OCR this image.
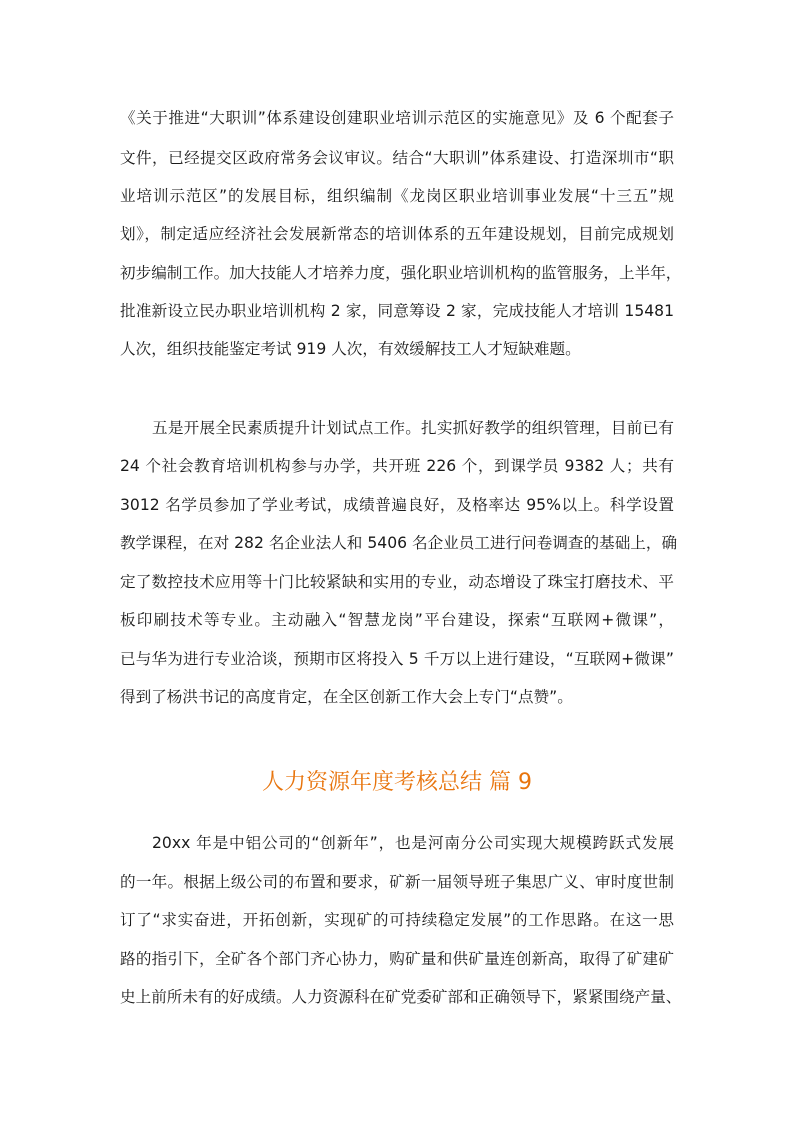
《关于推进“大职训”体系建设创建职业培训示范区的实施意见》及 6 个配套子
文件，已经提交区政府常务会议审议。结合“大职训”体系建设、打造深圳市“职
业培训示范区”的发展目标，组织编制《龙岗区职业培训事业发展“十三五”规
划》，制定适应经济社会发展新常态的培训体系的五年建设规划，目前完成规划
初步编制工作。加大技能人才培养力度，强化职业培训机构的监管服务，上半年，
批准新设立民办职业培训机构 2 家，同意筹设 2 家，完成技能人才培训 15481
人次，组织技能鉴定考试 919 人次，有效缓解技工人才短缺难题。
五是开展全民素质提升计划试点工作。扎实抓好教学的组织管理，目前已有
24 个社会教育培训机构参与办学，共开班 226 个，到课学员 9382 人；共有
3012 名学员参加了学业考试，成绩普遍良好，及格率达 95%以上。科学设置
教学课程，在对 282 名企业法人和 5406 名企业员工进行问卷调查的基础上，确
定了数控技术应用等十门比较紧缺和实用的专业，动态增设了珠宝打磨技术、平
板印刷技术等专业。主动融入“智慧龙岗”平台建设，探索“互联网+微课”，
已与华为进行专业洽谈，预期市区将投入 5 千万以上进行建设，“互联网+微课”
得到了杨洪书记的高度肯定，在全区创新工作大会上专门“点赞”。
人力资源年度考核总结 篇 9
20xx 年是中铝公司的“创新年”，也是河南分公司实现大规模跨跃式发展
的一年。根据上级公司的布置和要求，矿新一届领导班子集思广义、审时度世制
订了“求实奋进，开拓创新，实现矿的可持续稳定发展”的工作思路。在这一思
路的指引下，全矿各个部门齐心协力，购矿量和供矿量连创新高，取得了矿建矿
史上前所未有的好成绩。人力资源科在矿党委矿部和正确领导下，紧紧围绕产量、
